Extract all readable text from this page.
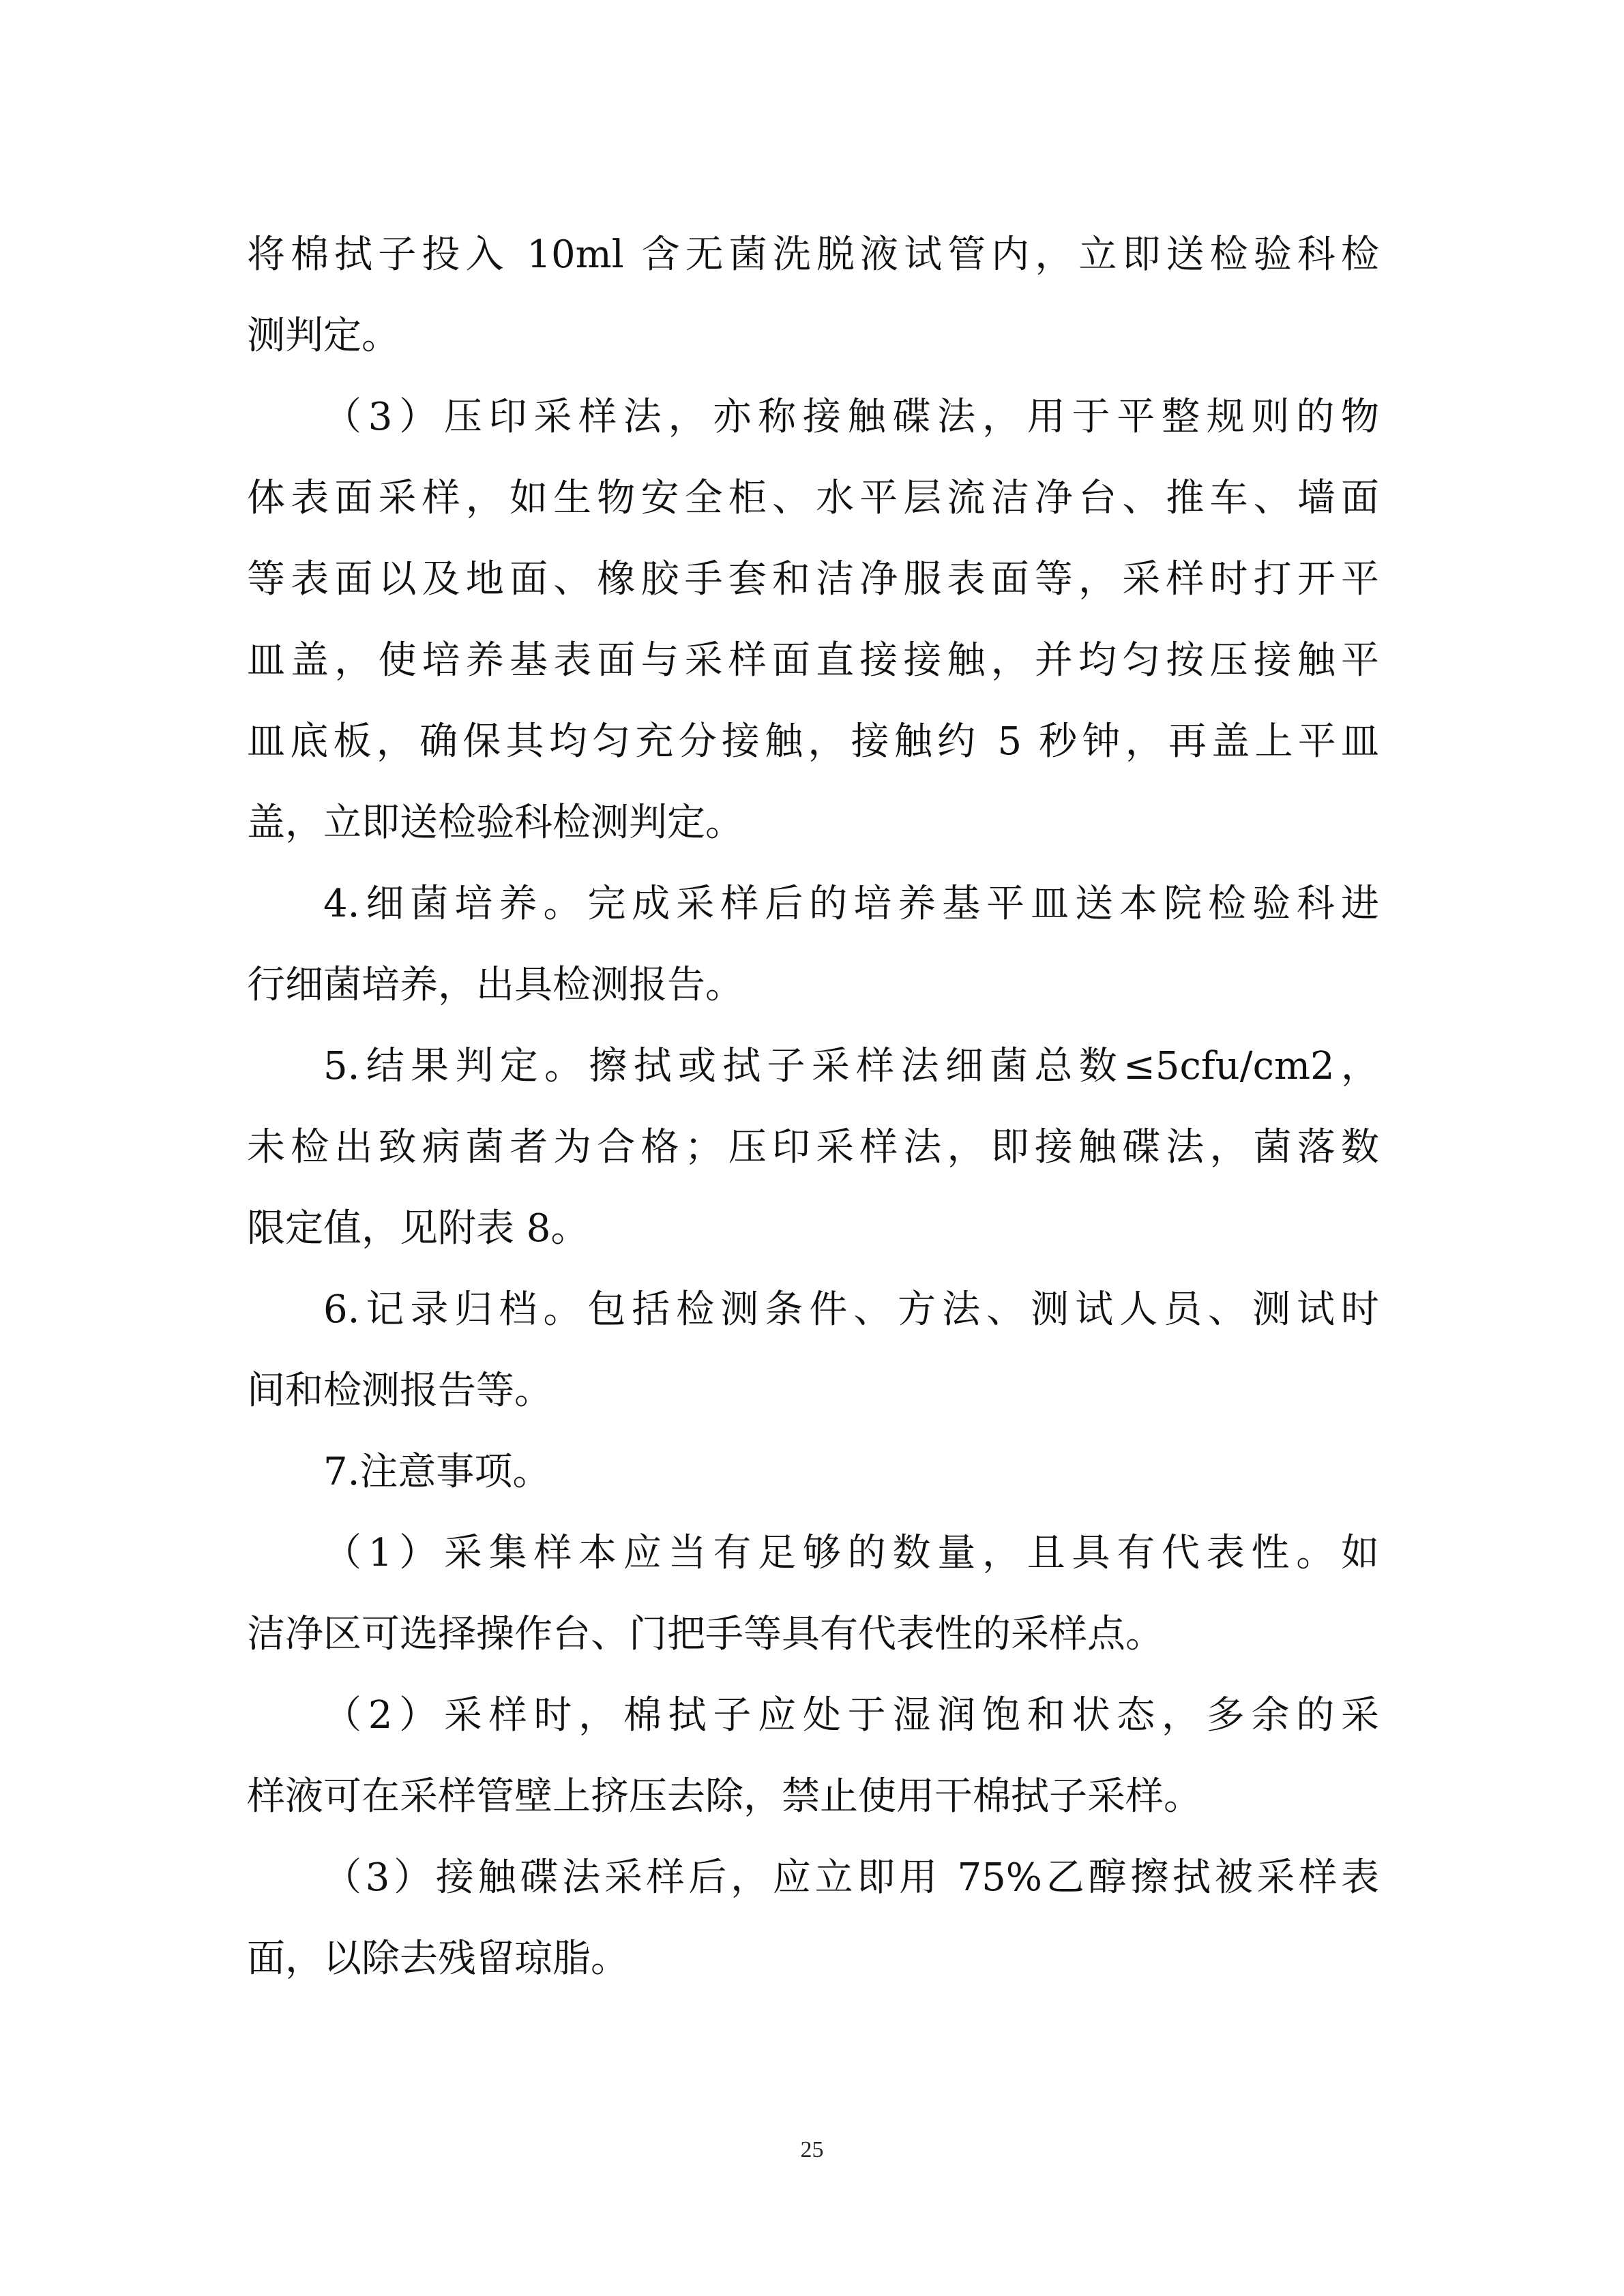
将棉拭子投入 10ml 含无菌洗脱液试管内，立即送检验科检
测判定。
（3）压印采样法，亦称接触碟法，用于平整规则的物
体表面采样，如生物安全柜、水平层流洁净台、推车、墙面
等表面以及地面、橡胶手套和洁净服表面等，采样时打开平
皿盖，使培养基表面与采样面直接接触，并均匀按压接触平
皿底板，确保其均匀充分接触，接触约 5 秒钟，再盖上平皿
盖，立即送检验科检测判定。
4.细菌培养。完成采样后的培养基平皿送本院检验科进
行细菌培养，出具检测报告。
5.结果判定。擦拭或拭子采样法细菌总数≤5cfu/cm2，
未检出致病菌者为合格；压印采样法，即接触碟法，菌落数
限定值，见附表 8。
6.记录归档。包括检测条件、方法、测试人员、测试时
间和检测报告等。
7.注意事项。
（1）采集样本应当有足够的数量，且具有代表性。如
洁净区可选择操作台、门把手等具有代表性的采样点。
（2）采样时，棉拭子应处于湿润饱和状态，多余的采
样液可在采样管壁上挤压去除，禁止使用干棉拭子采样。
（3）接触碟法采样后，应立即用 75%乙醇擦拭被采样表
面，以除去残留琼脂。
25
